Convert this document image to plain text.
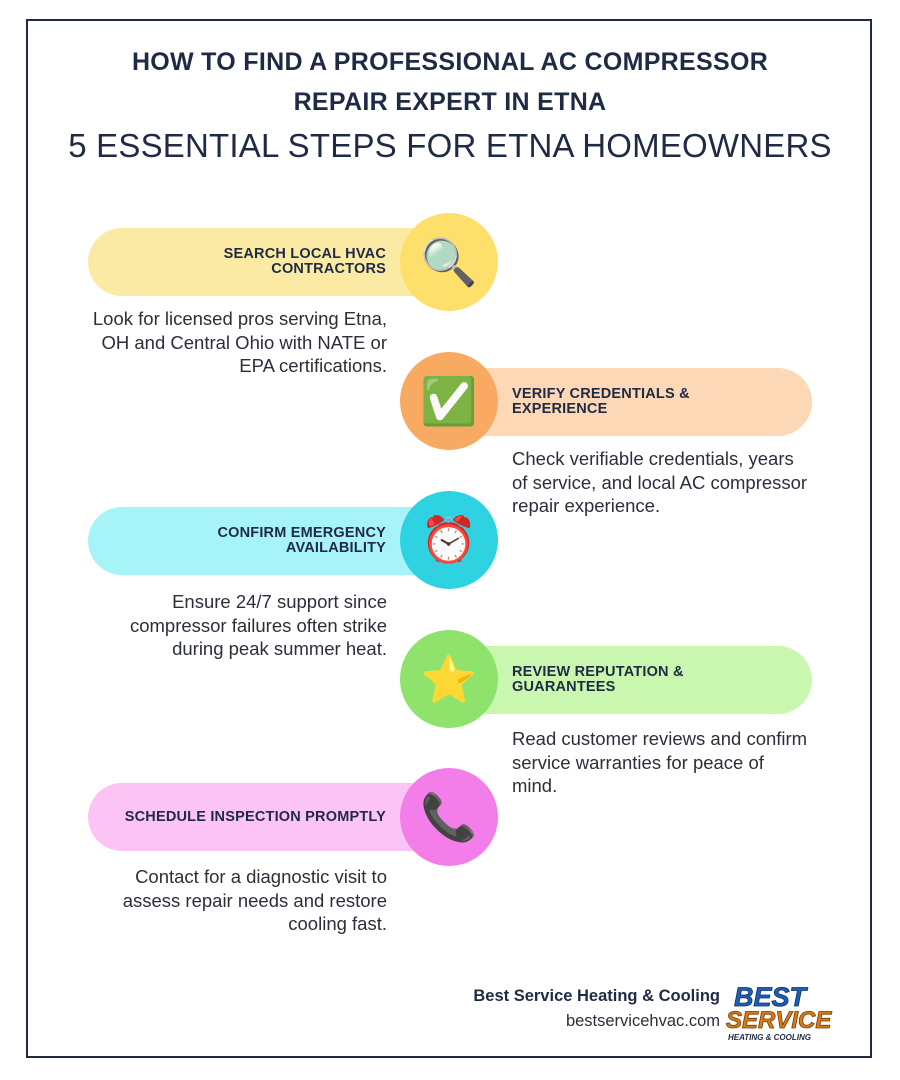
HOW TO FIND A PROFESSIONAL AC COMPRESSOR
REPAIR EXPERT IN ETNA
5 ESSENTIAL STEPS FOR ETNA HOMEOWNERS
SEARCH LOCAL HVAC CONTRACTORS 🔍
Look for licensed pros serving Etna, OH and Central Ohio with NATE or EPA certifications.
VERIFY CREDENTIALS & EXPERIENCE
✅
Check verifiable credentials, years of service, and local AC compressor repair experience.
CONFIRM EMERGENCY AVAILABILITY ⏰
Ensure 24/7 support since compressor failures often strike during peak summer heat.
REVIEW REPUTATION & GUARANTEES
⭐
Read customer reviews and confirm service warranties for peace of mind.
SCHEDULE INSPECTION PROMPTLY 📞
Contact for a diagnostic visit to assess repair needs and restore cooling fast.
Best Service Heating & Cooling
bestservicehvac.com
BEST
SERVICE
HEATING & COOLING
